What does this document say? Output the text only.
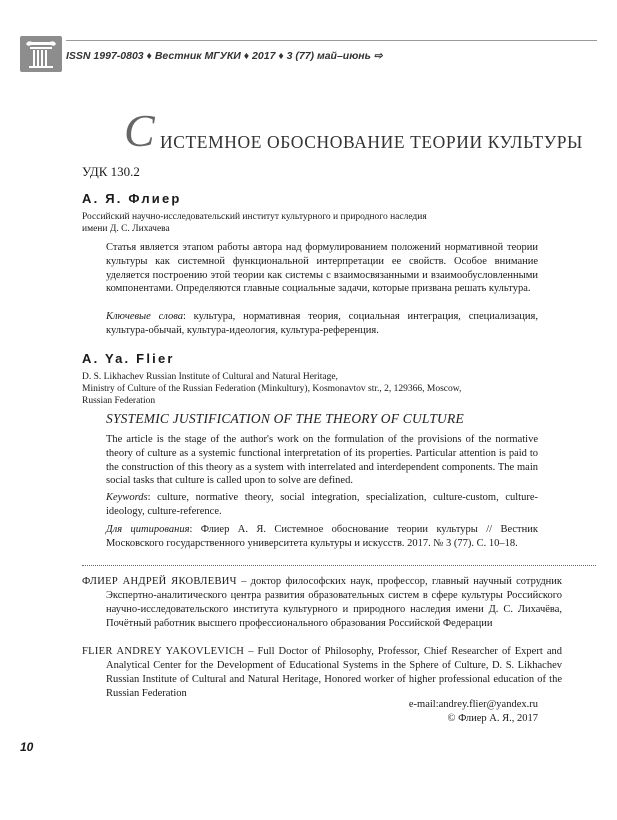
ISSN 1997-0803 ♦ Вестник МГУКИ ♦ 2017 ♦ 3 (77) май–июнь ⇨
С ИСТЕМНОЕ ОБОСНОВАНИЕ ТЕОРИИ КУЛЬТУРЫ
УДК 130.2
А. Я. Флиер
Российский научно-исследовательский институт культурного и природного наследия
имени Д. С. Лихачева

Статья является этапом работы автора над формулированием положений нормативной теории культуры как системной функциональной интерпретации ее свойств. Особое внимание уделяется построению этой теории как системы с взаимосвязанными и взаимообусловленными компонентами. Определяются главные социальные задачи, которые призвана решать культура.

Ключевые слова: культура, нормативная теория, социальная интеграция, специализация, культура-обычай, культура-идеология, культура-референция.

A. Ya. Flier
D. S. Likhachev Russian Institute of Cultural and Natural Heritage,
Ministry of Culture of the Russian Federation (Minkultury), Kosmonavtov str., 2, 129366, Moscow,
Russian Federation
SYSTEMIC JUSTIFICATION OF THE THEORY OF CULTURE

The article is the stage of the author's work on the formulation of the provisions of the normative theory of culture as a systemic functional interpretation of its properties. Particular attention is paid to the construction of this theory as a system with interrelated and interdependent components. The main social tasks that culture is called upon to solve are defined.

Keywords: culture, normative theory, social integration, specialization, culture-custom, culture-ideology, culture-reference.

Для цитирования: Флиер А. Я. Системное обоснование теории культуры // Вестник Московского государственного университета культуры и искусств. 2017. № 3 (77). С. 10–18.

ФЛИЕР АНДРЕЙ ЯКОВЛЕВИЧ – доктор философских наук, профессор, главный научный сотрудник Экспертно-аналитического центра развития образовательных систем в сфере культуры Российского научно-исследовательского института культурного и природного наследия имени Д. С. Лихачёва, Почётный работник высшего профессионального образования Российской Федерации
FLIER ANDREY YAKOVLEVICH – Full Doctor of Philosophy, Professor, Chief Researcher of Expert and Analytical Center for the Development of Educational Systems in the Sphere of Culture, D. S. Likhachev Russian Institute of Cultural and Natural Heritage, Honored worker of higher professional education of the Russian Federation
e-mail:andrey.flier@yandex.ru
© Флиер А. Я., 2017
10
